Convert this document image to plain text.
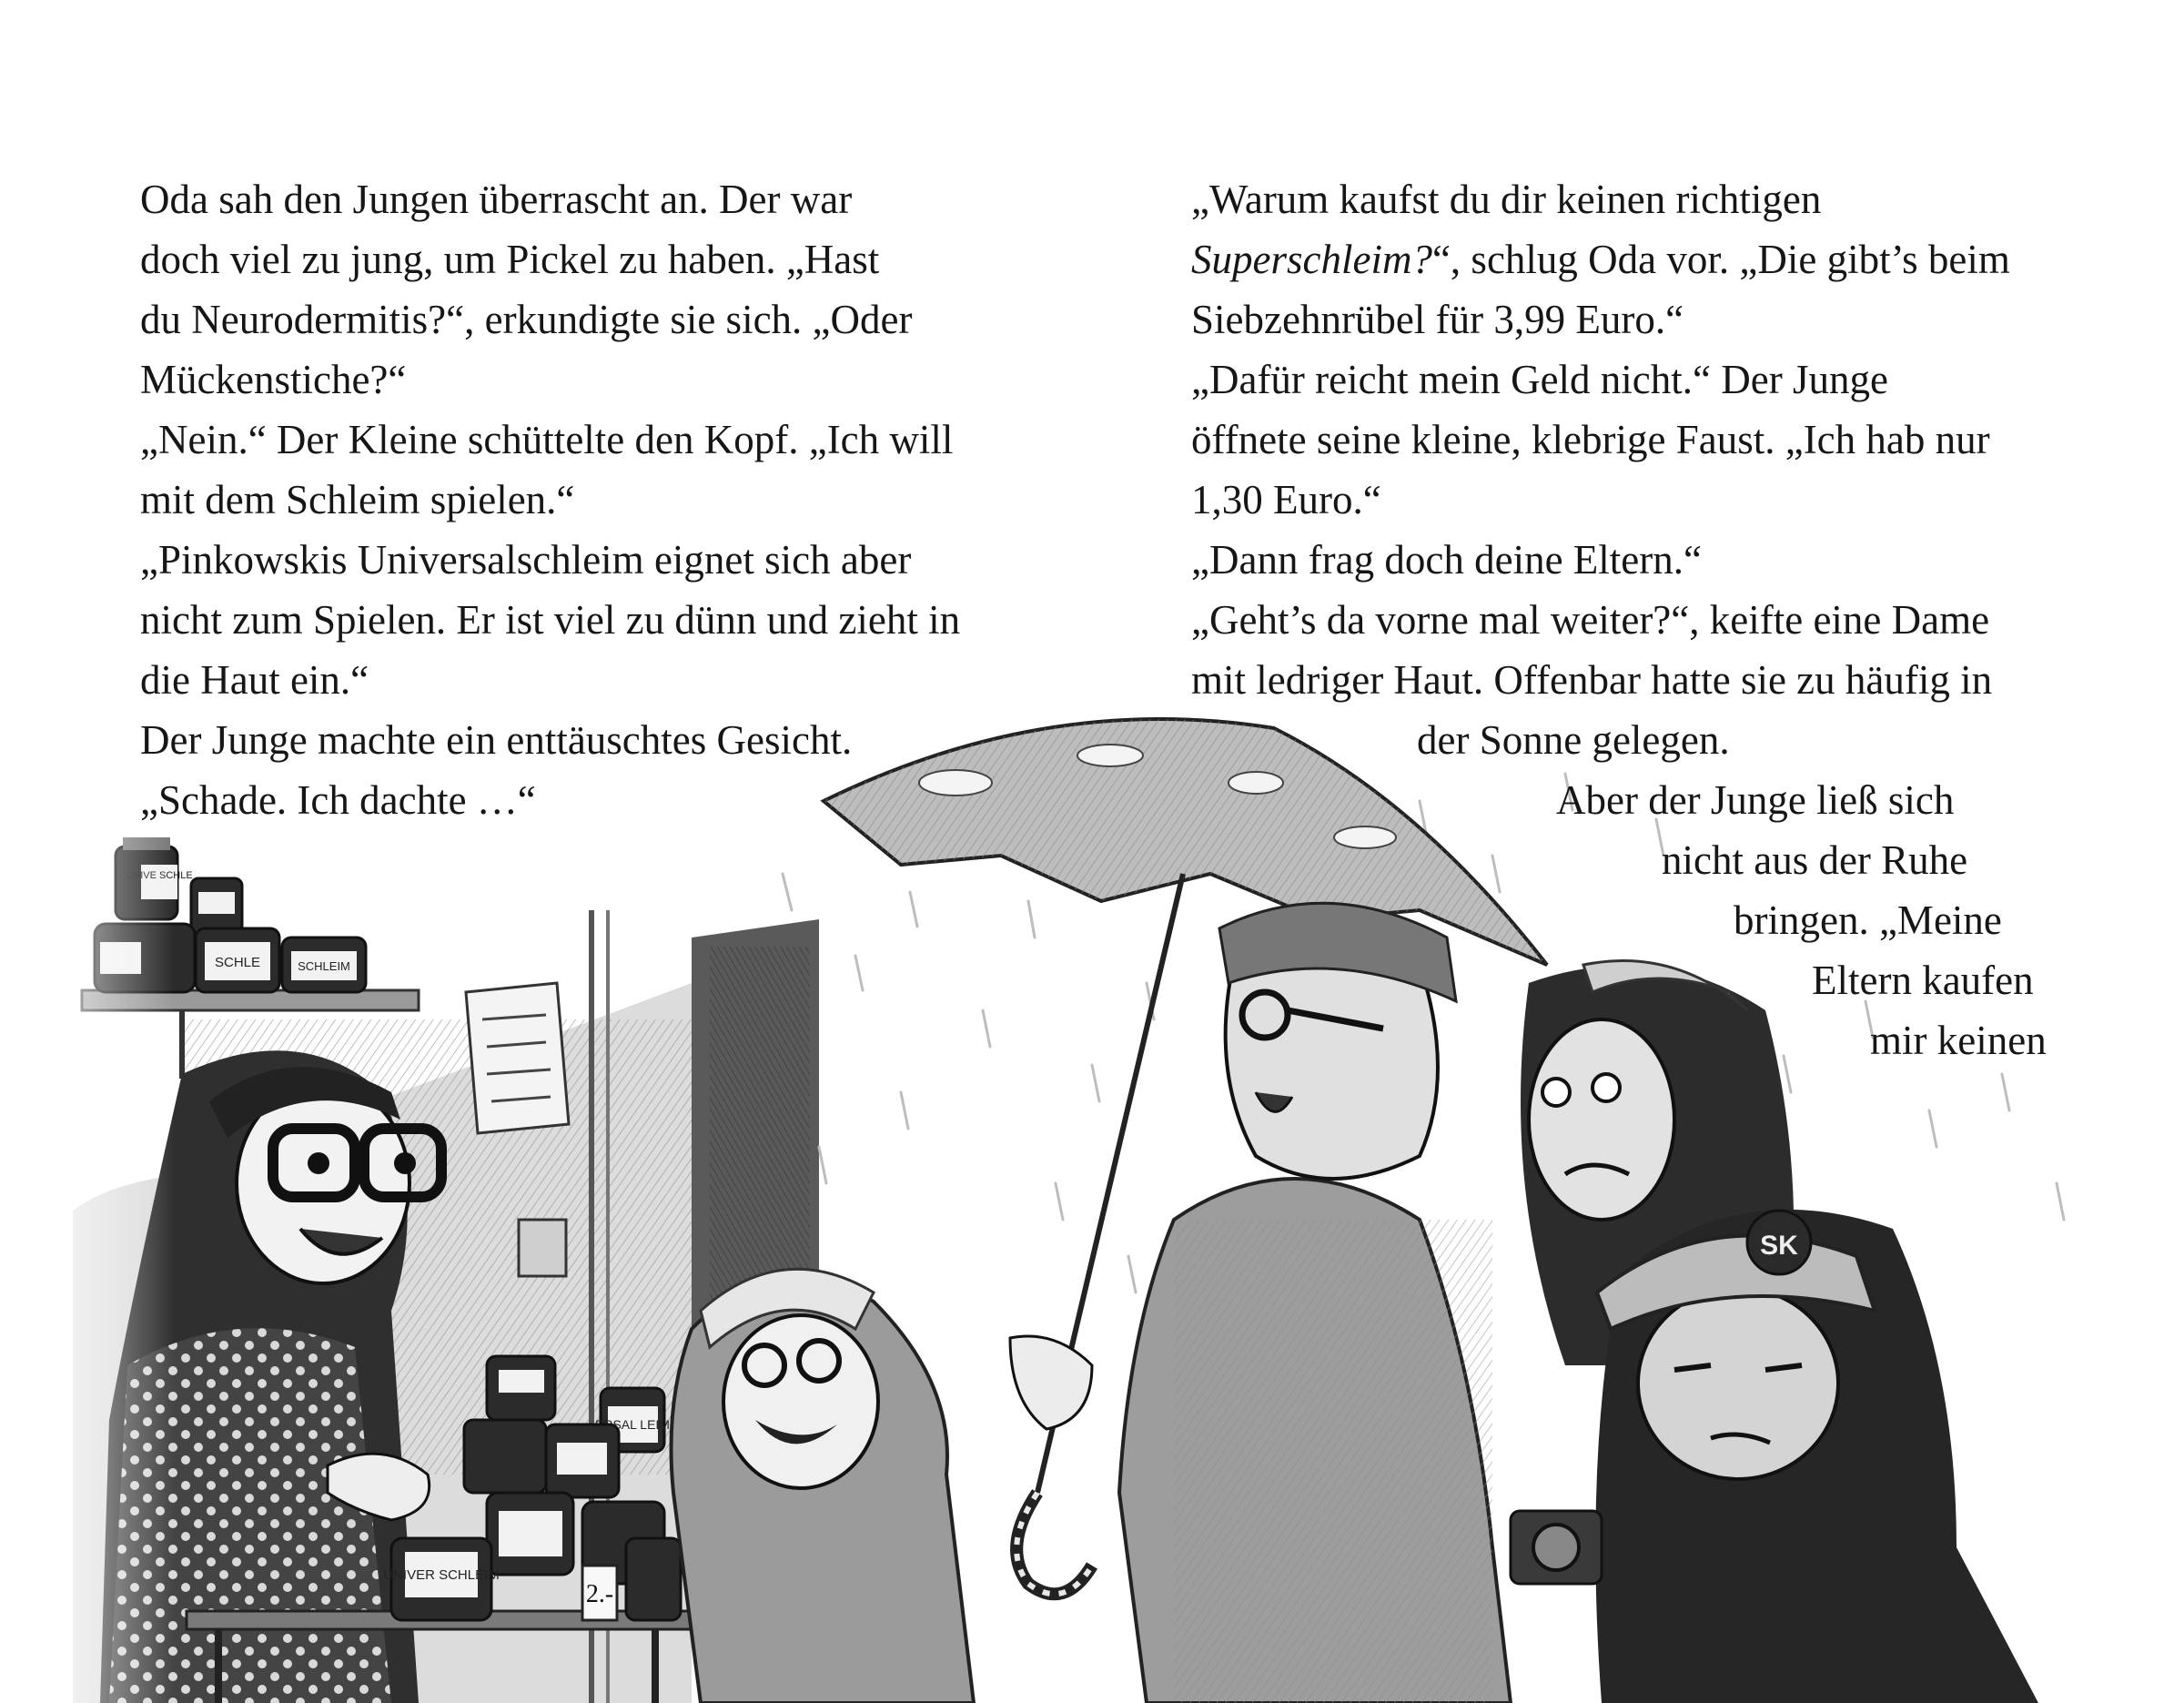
Oda sah den Jungen überrascht an. Der war
doch viel zu jung, um Pickel zu haben. „Hast
du Neurodermitis?“, erkundigte sie sich. „Oder
Mückenstiche?“
„Nein.“ Der Kleine schüttelte den Kopf. „Ich will
mit dem Schleim spielen.“
„Pinkowskis Universalschleim eignet sich aber
nicht zum Spielen. Er ist viel zu dünn und zieht in
die Haut ein.“
Der Junge machte ein enttäuschtes Gesicht.
„Schade. Ich dachte …“
„Warum kaufst du dir keinen richtigen
Superschleim?“, schlug Oda vor. „Die gibt’s beim
Siebzehnrübel für 3,99 Euro.“
„Dafür reicht mein Geld nicht.“ Der Junge
öffnete seine kleine, klebrige Faust. „Ich hab nur
1,30 Euro.“
„Dann frag doch deine Eltern.“
„Geht’s da vorne mal weiter?“, keifte eine Dame
mit ledriger Haut. Offenbar hatte sie zu häufig in
der Sonne gelegen.
Aber der Junge ließ sich
nicht aus der Ruhe
bringen. „Meine
Eltern kaufen
mir keinen
